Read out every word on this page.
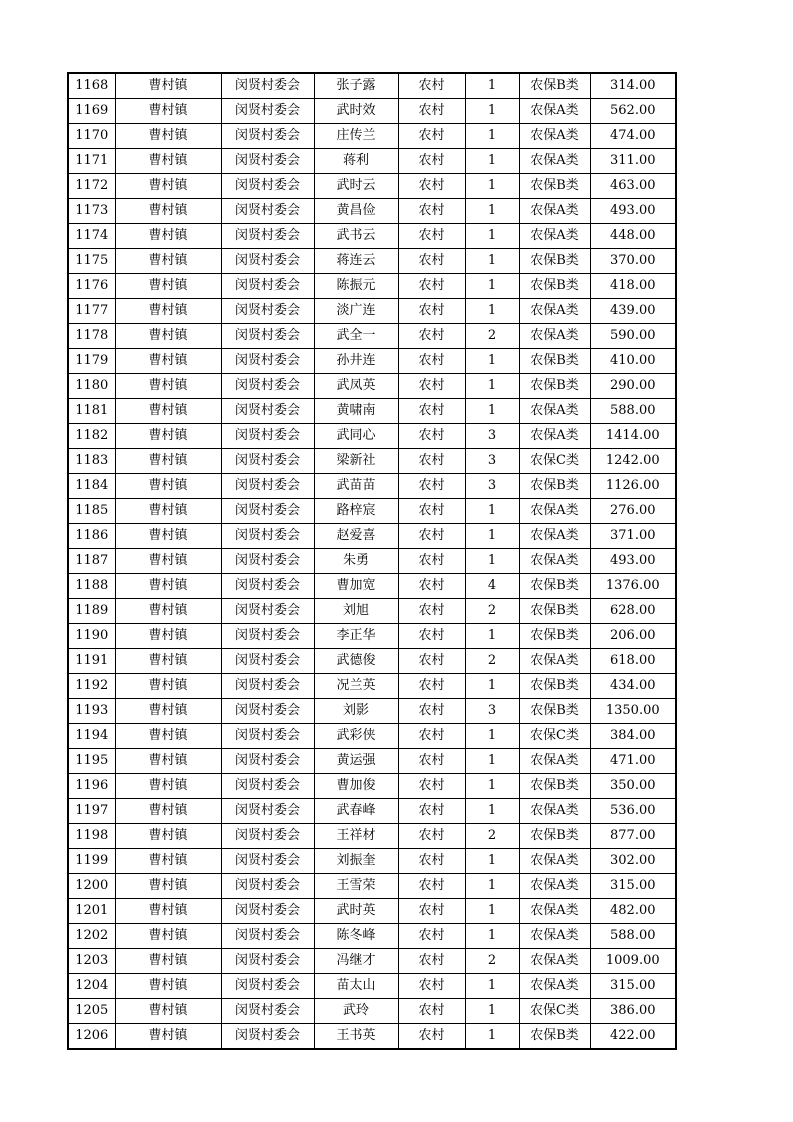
1168	曹村镇	闵贤村委会	张子露	农村	1	农保B类	314.00
1169	曹村镇	闵贤村委会	武时效	农村	1	农保A类	562.00
1170	曹村镇	闵贤村委会	庄传兰	农村	1	农保A类	474.00
1171	曹村镇	闵贤村委会	蒋利	农村	1	农保A类	311.00
1172	曹村镇	闵贤村委会	武时云	农村	1	农保B类	463.00
1173	曹村镇	闵贤村委会	黄昌俭	农村	1	农保A类	493.00
1174	曹村镇	闵贤村委会	武书云	农村	1	农保A类	448.00
1175	曹村镇	闵贤村委会	蒋连云	农村	1	农保B类	370.00
1176	曹村镇	闵贤村委会	陈振元	农村	1	农保B类	418.00
1177	曹村镇	闵贤村委会	淡广连	农村	1	农保A类	439.00
1178	曹村镇	闵贤村委会	武全一	农村	2	农保A类	590.00
1179	曹村镇	闵贤村委会	孙井连	农村	1	农保B类	410.00
1180	曹村镇	闵贤村委会	武凤英	农村	1	农保B类	290.00
1181	曹村镇	闵贤村委会	黄啸南	农村	1	农保A类	588.00
1182	曹村镇	闵贤村委会	武同心	农村	3	农保A类	1414.00
1183	曹村镇	闵贤村委会	梁新社	农村	3	农保C类	1242.00
1184	曹村镇	闵贤村委会	武苗苗	农村	3	农保B类	1126.00
1185	曹村镇	闵贤村委会	路梓宸	农村	1	农保A类	276.00
1186	曹村镇	闵贤村委会	赵爱喜	农村	1	农保A类	371.00
1187	曹村镇	闵贤村委会	朱勇	农村	1	农保A类	493.00
1188	曹村镇	闵贤村委会	曹加宽	农村	4	农保B类	1376.00
1189	曹村镇	闵贤村委会	刘旭	农村	2	农保B类	628.00
1190	曹村镇	闵贤村委会	李正华	农村	1	农保B类	206.00
1191	曹村镇	闵贤村委会	武德俊	农村	2	农保A类	618.00
1192	曹村镇	闵贤村委会	况兰英	农村	1	农保B类	434.00
1193	曹村镇	闵贤村委会	刘影	农村	3	农保B类	1350.00
1194	曹村镇	闵贤村委会	武彩侠	农村	1	农保C类	384.00
1195	曹村镇	闵贤村委会	黄运强	农村	1	农保A类	471.00
1196	曹村镇	闵贤村委会	曹加俊	农村	1	农保B类	350.00
1197	曹村镇	闵贤村委会	武春峰	农村	1	农保A类	536.00
1198	曹村镇	闵贤村委会	王祥材	农村	2	农保B类	877.00
1199	曹村镇	闵贤村委会	刘振奎	农村	1	农保A类	302.00
1200	曹村镇	闵贤村委会	王雪荣	农村	1	农保A类	315.00
1201	曹村镇	闵贤村委会	武时英	农村	1	农保A类	482.00
1202	曹村镇	闵贤村委会	陈冬峰	农村	1	农保A类	588.00
1203	曹村镇	闵贤村委会	冯继才	农村	2	农保A类	1009.00
1204	曹村镇	闵贤村委会	苗太山	农村	1	农保A类	315.00
1205	曹村镇	闵贤村委会	武玲	农村	1	农保C类	386.00
1206	曹村镇	闵贤村委会	王书英	农村	1	农保B类	422.00
